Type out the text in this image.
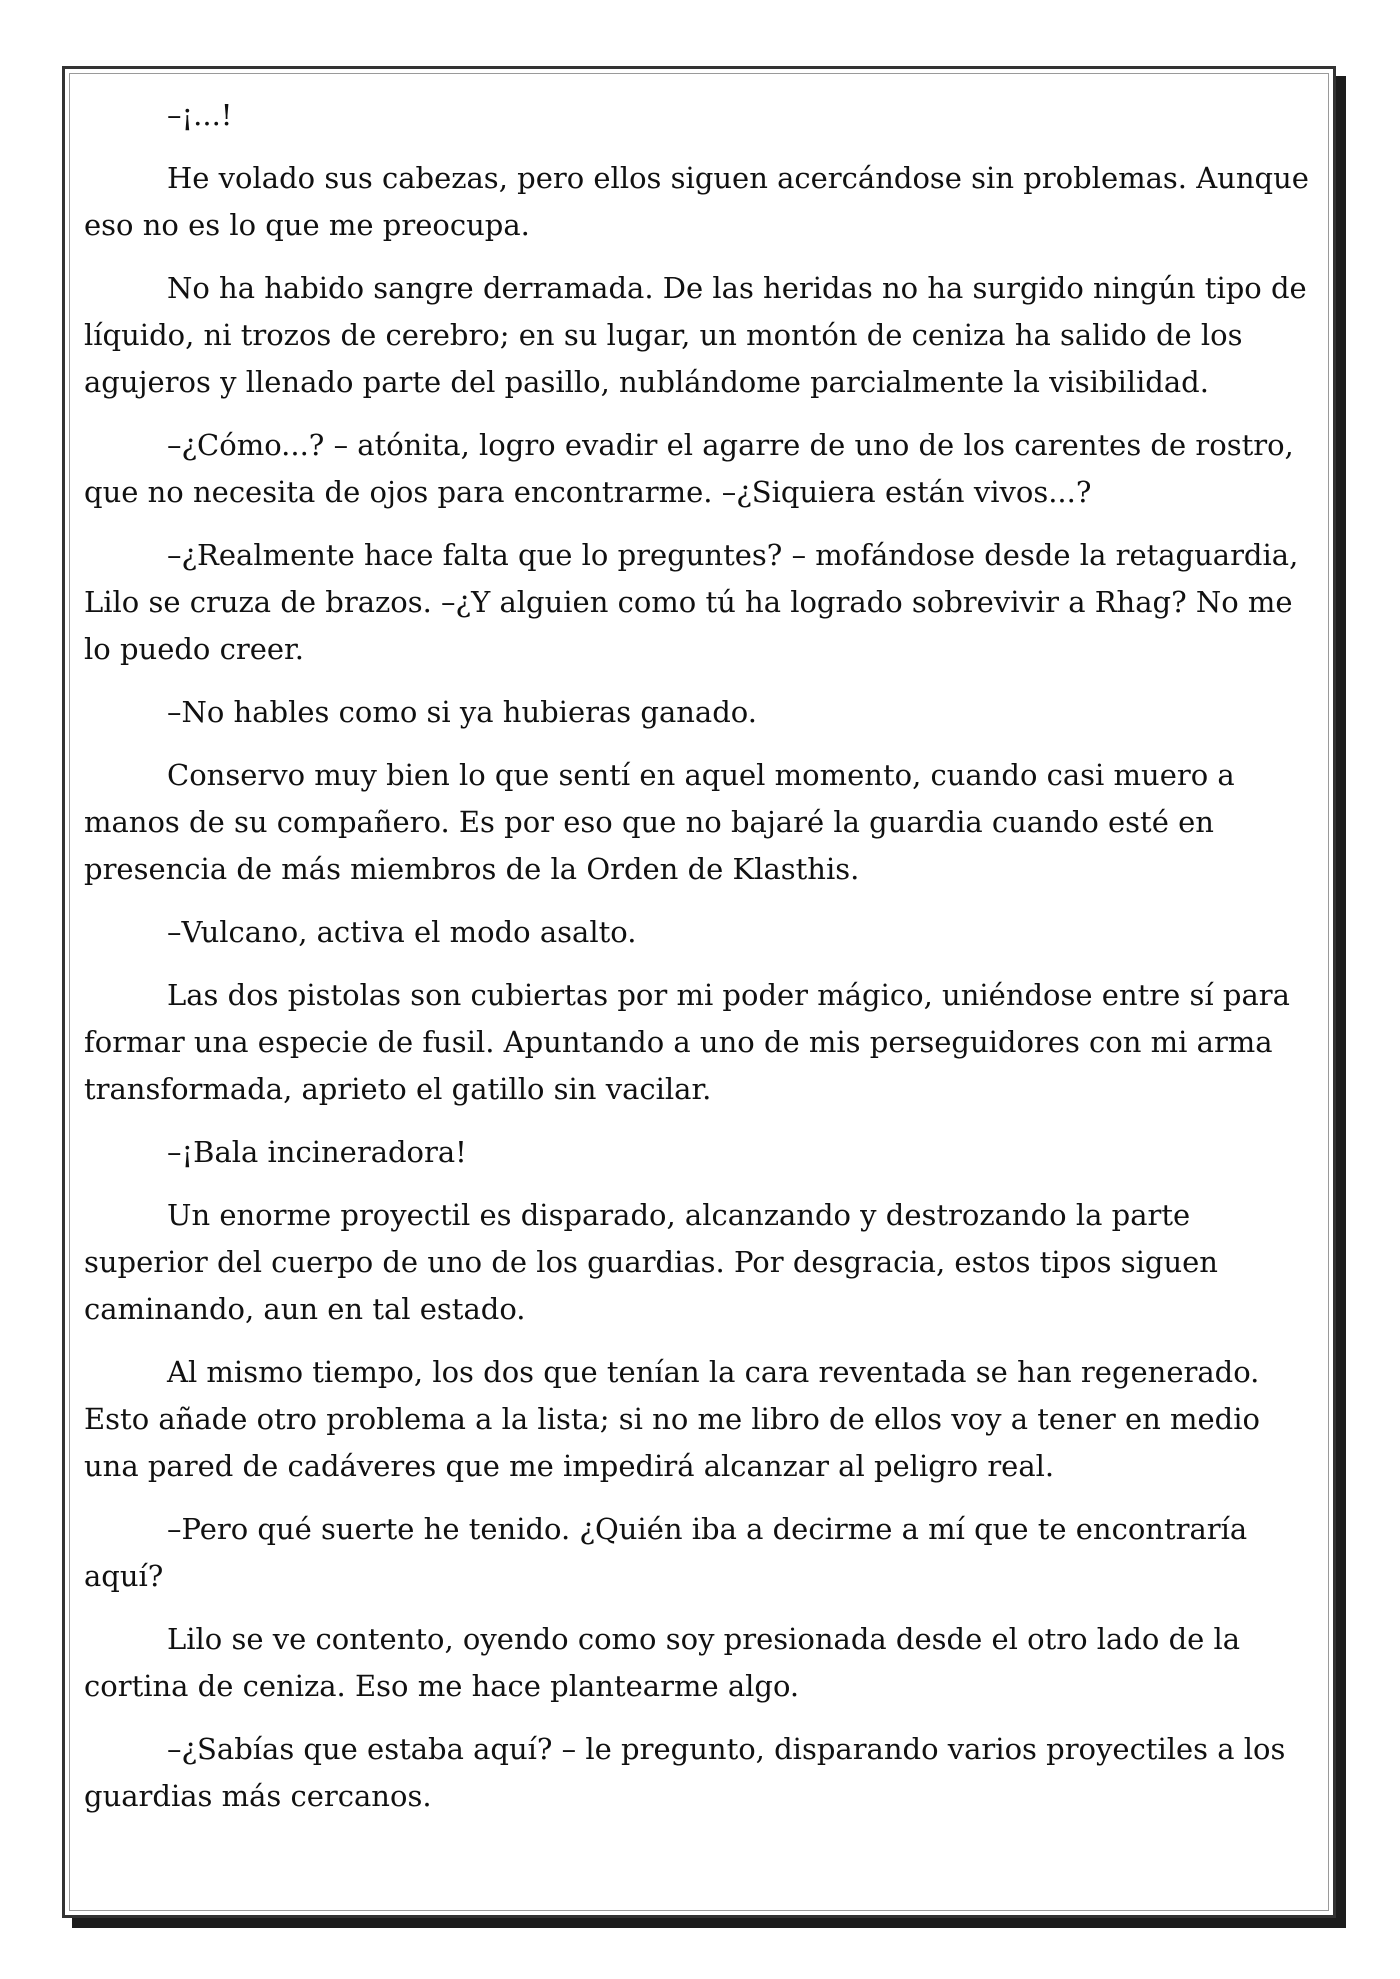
–¡...!

He volado sus cabezas, pero ellos siguen acercándose sin problemas. Aunque eso no es lo que me preocupa.

No ha habido sangre derramada. De las heridas no ha surgido ningún tipo de líquido, ni trozos de cerebro; en su lugar, un montón de ceniza ha salido de los agujeros y llenado parte del pasillo, nublándome parcialmente la visibilidad.

–¿Cómo...? – atónita, logro evadir el agarre de uno de los carentes de rostro, que no necesita de ojos para encontrarme. –¿Siquiera están vivos...?

–¿Realmente hace falta que lo preguntes? – mofándose desde la retaguardia, Lilo se cruza de brazos. –¿Y alguien como tú ha logrado sobrevivir a Rhag? No me lo puedo creer.

–No hables como si ya hubieras ganado.

Conservo muy bien lo que sentí en aquel momento, cuando casi muero a manos de su compañero. Es por eso que no bajaré la guardia cuando esté en presencia de más miembros de la Orden de Klasthis.

–Vulcano, activa el modo asalto.

Las dos pistolas son cubiertas por mi poder mágico, uniéndose entre sí para formar una especie de fusil. Apuntando a uno de mis perseguidores con mi arma transformada, aprieto el gatillo sin vacilar.

–¡Bala incineradora!

Un enorme proyectil es disparado, alcanzando y destrozando la parte superior del cuerpo de uno de los guardias. Por desgracia, estos tipos siguen caminando, aun en tal estado.

Al mismo tiempo, los dos que tenían la cara reventada se han regenerado. Esto añade otro problema a la lista; si no me libro de ellos voy a tener en medio una pared de cadáveres que me impedirá alcanzar al peligro real.

–Pero qué suerte he tenido. ¿Quién iba a decirme a mí que te encontraría aquí?

Lilo se ve contento, oyendo como soy presionada desde el otro lado de la cortina de ceniza. Eso me hace plantearme algo.

–¿Sabías que estaba aquí? – le pregunto, disparando varios proyectiles a los guardias más cercanos.
